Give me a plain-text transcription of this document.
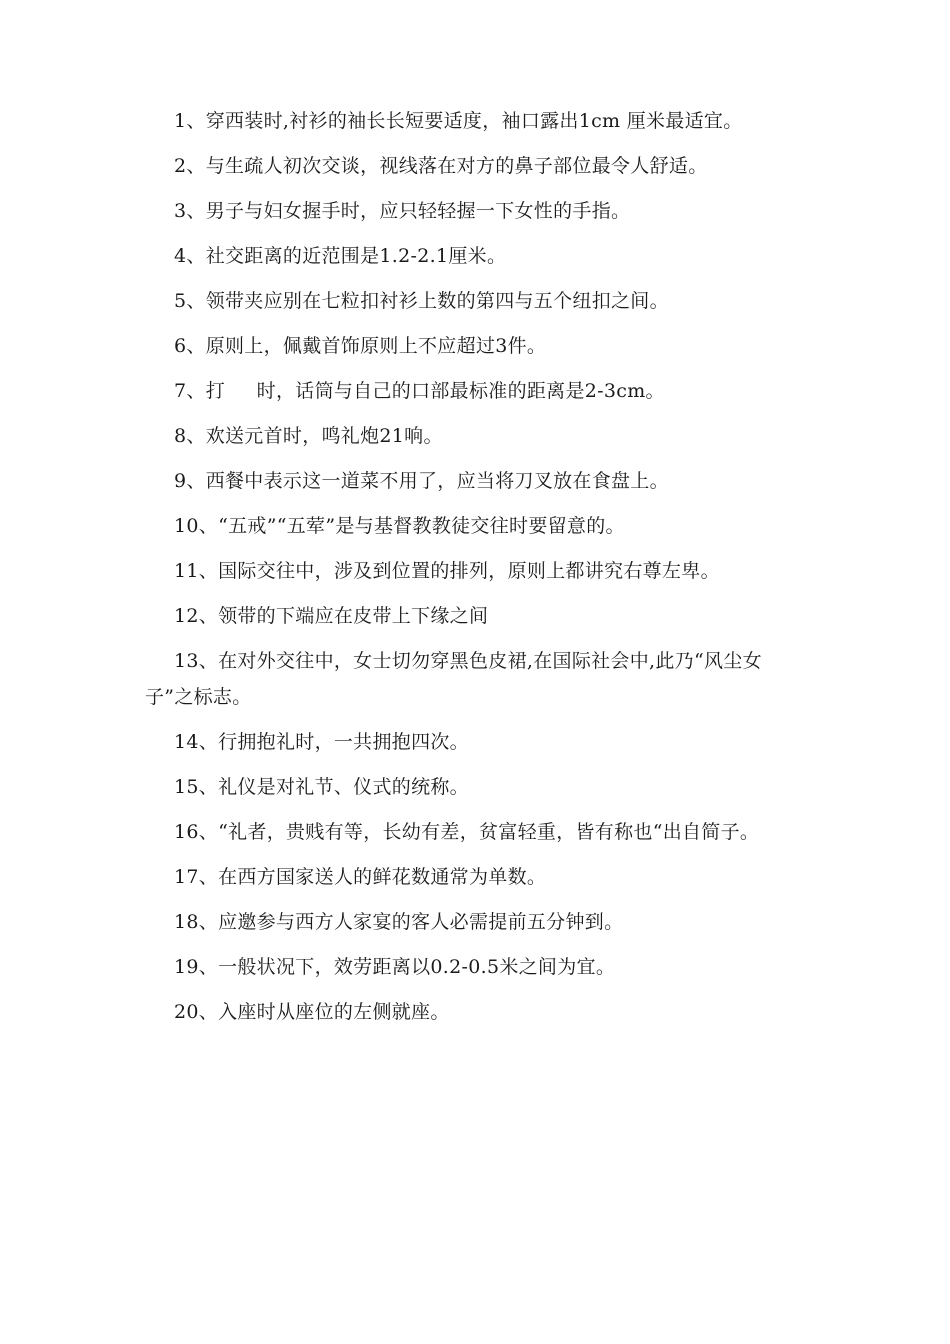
1、穿西装时,衬衫的袖长长短要适度，袖口露出1cm 厘米最适宜。

2、与生疏人初次交谈，视线落在对方的鼻子部位最令人舒适。

3、男子与妇女握手时，应只轻轻握一下女性的手指。

4、社交距离的近范围是1.2-2.1厘米。

5、领带夹应别在七粒扣衬衫上数的第四与五个纽扣之间。

6、原则上，佩戴首饰原则上不应超过3件。

7、打     时，话筒与自己的口部最标准的距离是2-3cm。

8、欢送元首时，鸣礼炮21响。

9、西餐中表示这一道菜不用了，应当将刀叉放在食盘上。

10、“五戒”“五荤”是与基督教教徒交往时要留意的。

11、国际交往中，涉及到位置的排列，原则上都讲究右尊左卑。

12、领带的下端应在皮带上下缘之间

13、在对外交往中，女士切勿穿黑色皮裙,在国际社会中,此乃“风尘女子”之标志。

14、行拥抱礼时，一共拥抱四次。

15、礼仪是对礼节、仪式的统称。

16、“礼者，贵贱有等，长幼有差，贫富轻重，皆有称也“出自简子。

17、在西方国家送人的鲜花数通常为单数。

18、应邀参与西方人家宴的客人必需提前五分钟到。

19、一般状况下，效劳距离以0.2-0.5米之间为宜。

20、入座时从座位的左侧就座。
